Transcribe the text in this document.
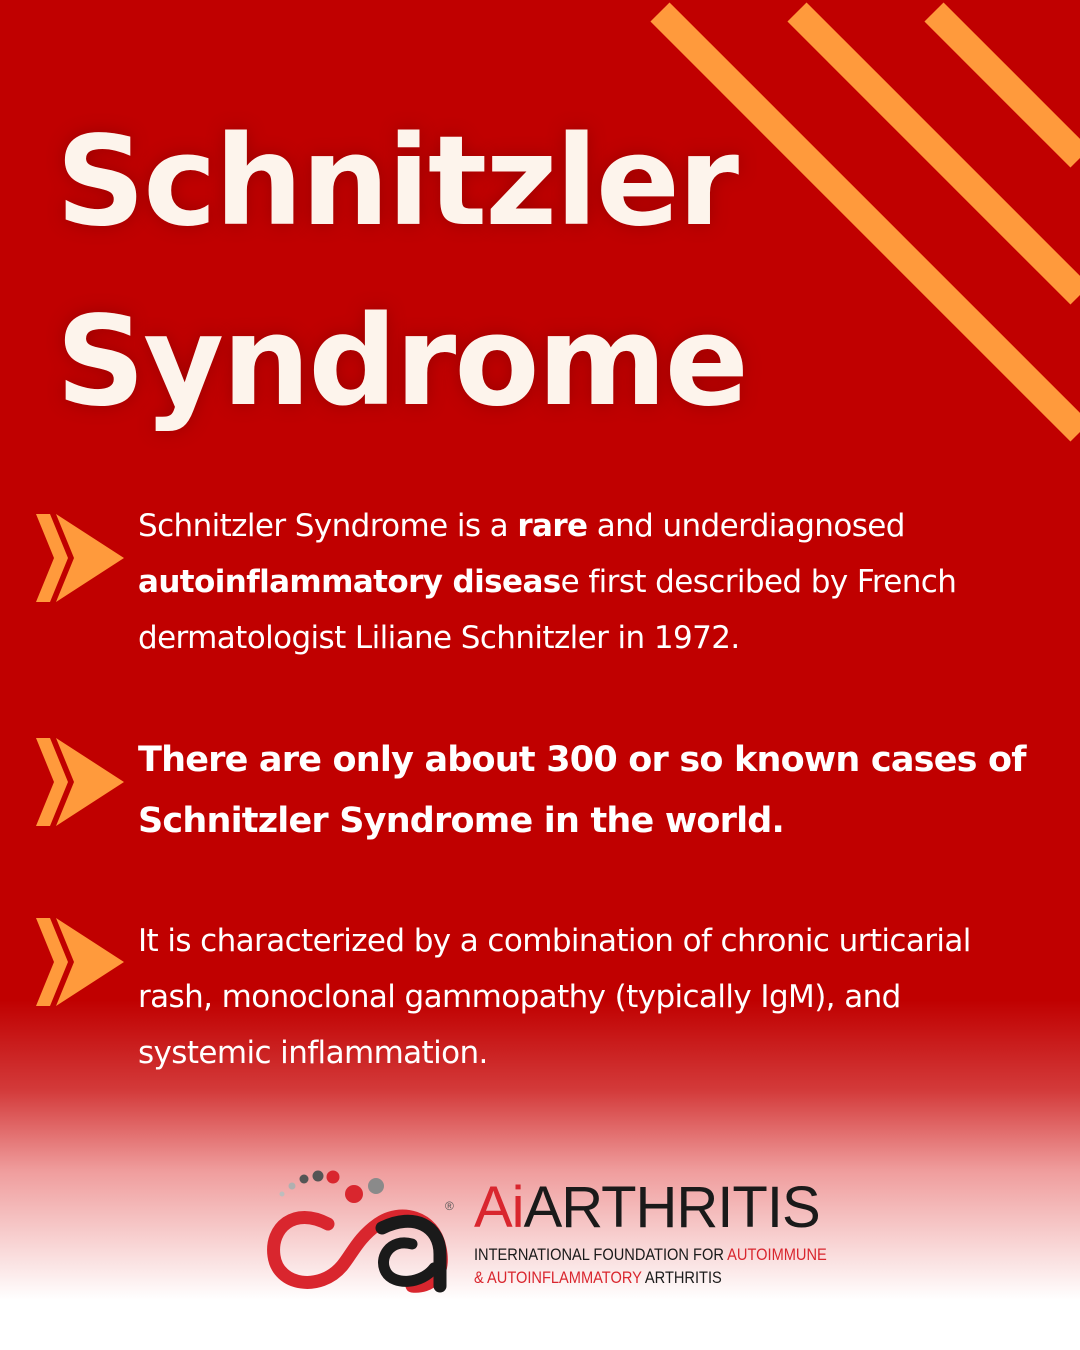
Schnitzler
Syndrome

Schnitzler Syndrome is a rare and underdiagnosed autoinflammatory disease first described by French dermatologist Liliane Schnitzler in 1972.

There are only about 300 or so known cases of Schnitzler Syndrome in the world.

It is characterized by a combination of chronic urticarial rash, monoclonal gammopathy (typically IgM), and systemic inflammation.

® AiARTHRITIS
INTERNATIONAL FOUNDATION FOR AUTOIMMUNE
& AUTOINFLAMMATORY ARTHRITIS
